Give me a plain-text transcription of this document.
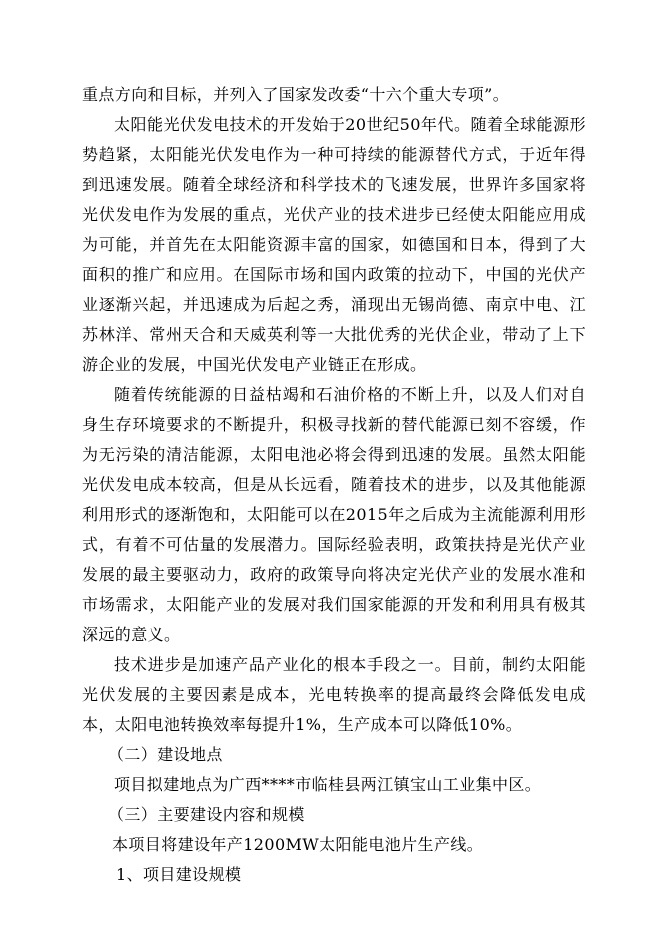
重点方向和目标，并列入了国家发改委“十六个重大专项”。

太阳能光伏发电技术的开发始于20世纪50年代。随着全球能源形势趋紧，太阳能光伏发电作为一种可持续的能源替代方式，于近年得到迅速发展。随着全球经济和科学技术的飞速发展，世界许多国家将光伏发电作为发展的重点，光伏产业的技术进步已经使太阳能应用成为可能，并首先在太阳能资源丰富的国家，如德国和日本，得到了大面积的推广和应用。在国际市场和国内政策的拉动下，中国的光伏产业逐渐兴起，并迅速成为后起之秀，涌现出无锡尚德、南京中电、江苏林洋、常州天合和天威英利等一大批优秀的光伏企业，带动了上下游企业的发展，中国光伏发电产业链正在形成。

随着传统能源的日益枯竭和石油价格的不断上升，以及人们对自身生存环境要求的不断提升，积极寻找新的替代能源已刻不容缓，作为无污染的清洁能源，太阳电池必将会得到迅速的发展。虽然太阳能光伏发电成本较高，但是从长远看，随着技术的进步，以及其他能源利用形式的逐渐饱和，太阳能可以在2015年之后成为主流能源利用形式，有着不可估量的发展潜力。国际经验表明，政策扶持是光伏产业发展的最主要驱动力，政府的政策导向将决定光伏产业的发展水准和市场需求，太阳能产业的发展对我们国家能源的开发和利用具有极其深远的意义。

技术进步是加速产品产业化的根本手段之一。目前，制约太阳能光伏发展的主要因素是成本，光电转换率的提高最终会降低发电成本，太阳电池转换效率每提升1%，生产成本可以降低10%。

（二）建设地点

项目拟建地点为广西****市临桂县两江镇宝山工业集中区。

（三）主要建设内容和规模

本项目将建设年产1200MW太阳能电池片生产线。

1、项目建设规模
